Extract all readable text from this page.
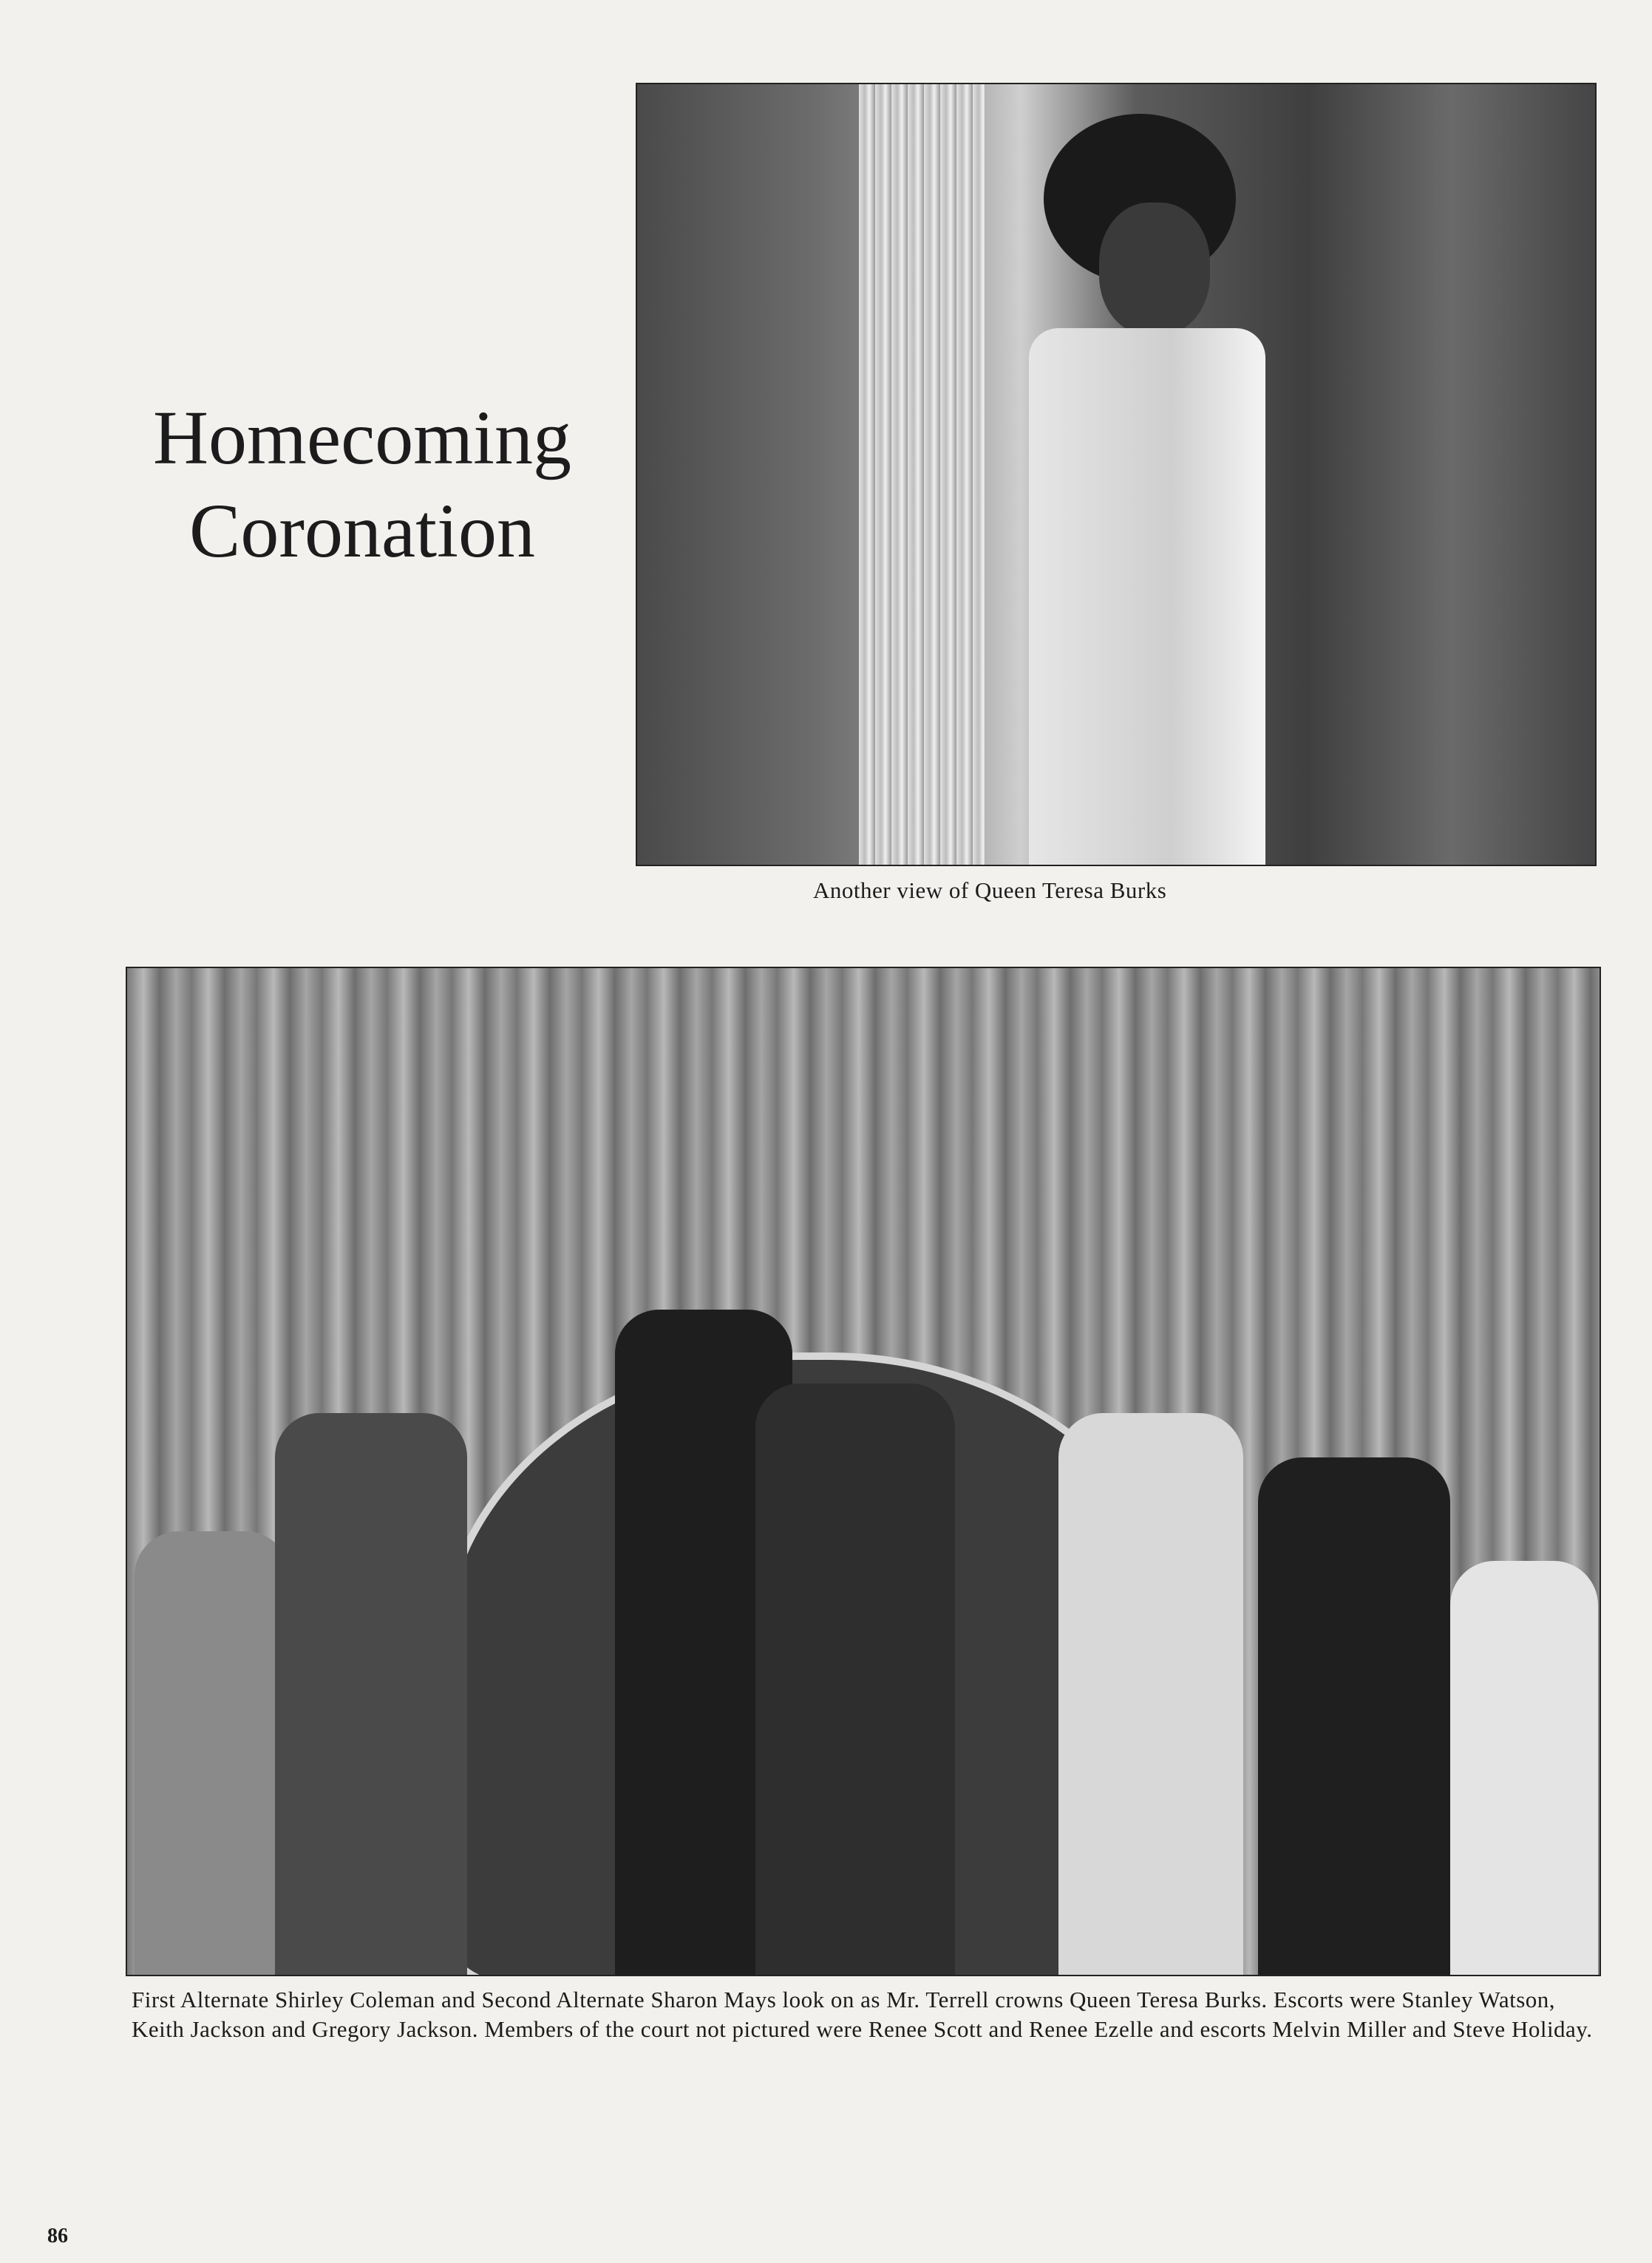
Homecoming
Coronation
Another view of Queen Teresa Burks
First Alternate Shirley Coleman and Second Alternate Sharon Mays look on as Mr. Terrell crowns Queen Teresa Burks. Escorts were Stanley Watson, Keith Jackson and Gregory Jackson. Members of the court not pictured were Renee Scott and Renee Ezelle and escorts Melvin Miller and Steve Holiday.
86
